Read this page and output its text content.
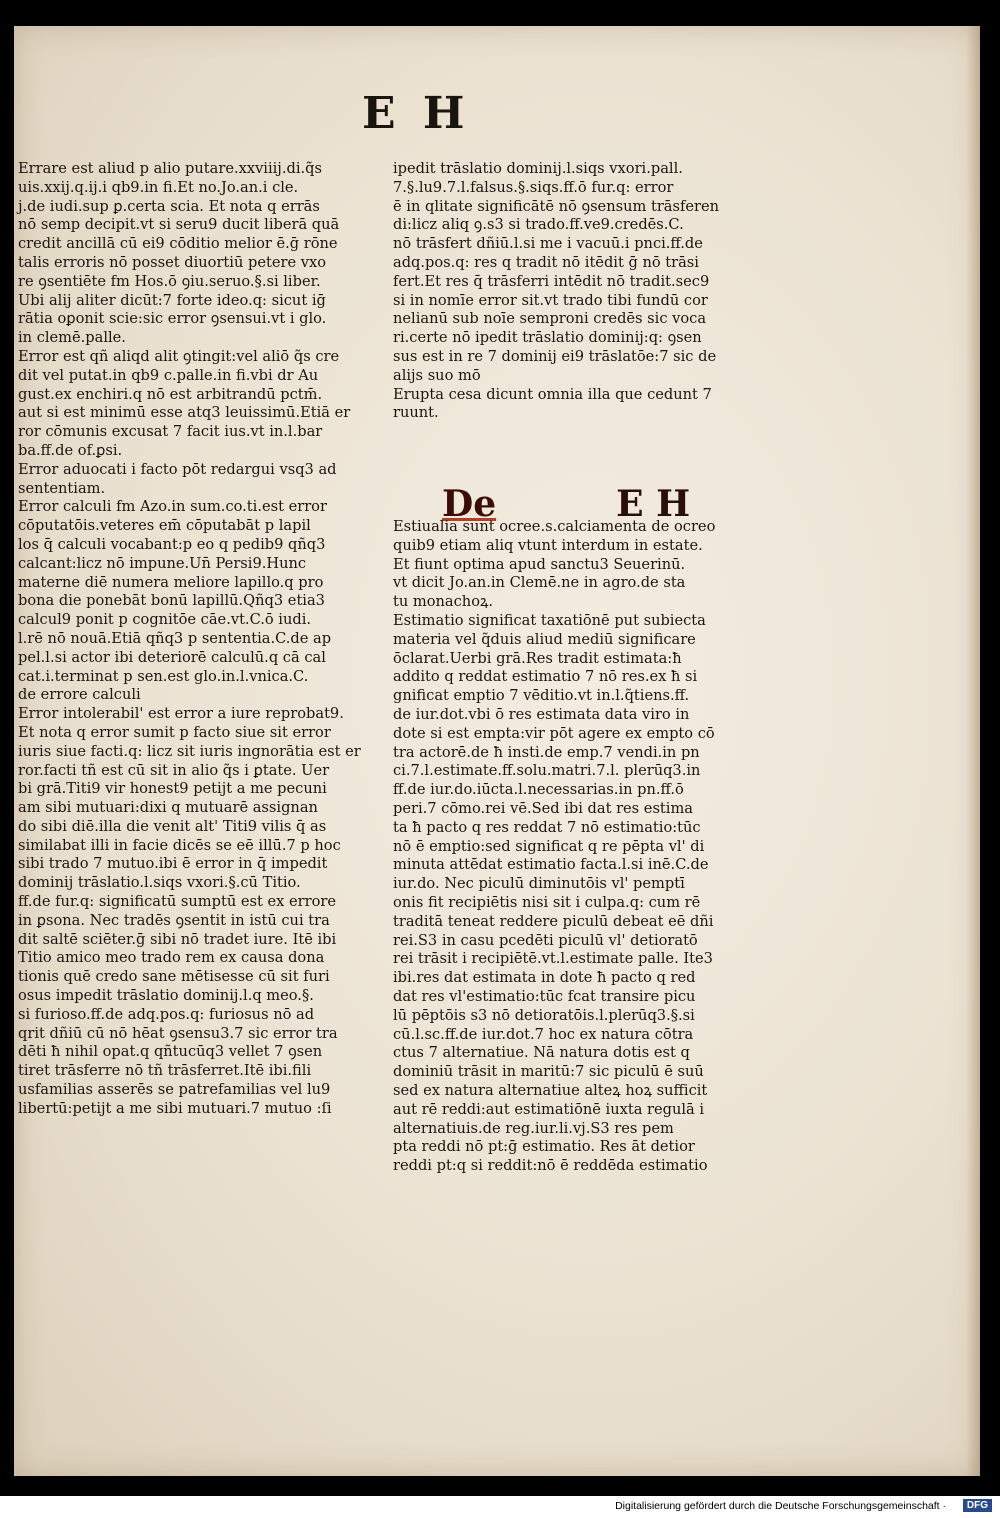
E H
Errare est aliud p alio putare.xxviiij.di.q̃s
uis.xxij.q.ij.i qb9.in fi.Et no.Jo.an.i cle.
j.de iudi.sup ꝑ.certa scia. Et nota q errās
nō semp decipit.vt si seru9 ducit liberā quā
credit ancillā cū ei9 cōditio melior ē.ḡ rōne
talis erroris nō posset diuortiū petere vxo
re ꝯsentiēte fm Hos.ō ꝯiu.seruo.§.si liber.
Ubi alij aliter dicūt:7 forte ideo.q: sicut iḡ
rātia oꝑonit scie:sic error ꝯsensui.vt i glo.
in clemē.palle.
Error est qñ aliqd alit ꝯtingit:vel aliō q̃s cre
dit vel putat.in qb9 c.palle.in fi.vbi dr Au
gust.ex enchiri.q nō est arbitrandū pctm̄.
aut si est minimū esse atq3 leuissimū.Etiā er
ror cōmunis excusat 7 facit ius.vt in.l.bar
ba.ff.de of.ꝑsi.
Error aduocati i facto pōt redargui vsq3 ad
sententiam.
Error calculi fm Azo.in sum.co.ti.est error
cōputatōis.veteres em̄ cōputabāt p lapil
los q̄ calculi vocabant:p eo q pedib9 qñq3
calcant:licz nō impune.Un̄ Persi9.Hunc
materne diē numera meliore lapillo.q pro
bona die ponebāt bonū lapillū.Qñq3 etia3
calcul9 ponit p cognitōe cāe.vt.C.ō iudi.
l.rē nō nouā.Etiā qñq3 p sententia.C.de ap
pel.l.si actor ibi deteriorē calculū.q cā cal
cat.i.terminat p sen.est glo.in.l.vnica.C.
de errore calculi
Error intolerabil' est error a iure reprobat9.
Et nota q error sumit p facto siue sit error
iuris siue facti.q: licz sit iuris ingnorātia est er
ror.facti tñ est cū sit in alio q̃s i ꝑtate. Uer
bi grā.Titi9 vir honest9 petijt a me pecuni
am sibi mutuari:dixi q mutuarē assignan
do sibi diē.illa die venit alt' Titi9 vilis q̄ as
similabat illi in facie dicēs se eē illū.7 p hoc
sibi trado 7 mutuo.ibi ē error in q̄ impedit
dominij trāslatio.l.siqs vxori.§.cū Titio.
ff.de fur.q: significatū sumptū est ex errore
in ꝑsona. Nec tradēs ꝯsentit in istū cui tra
dit saltē sciēter.ḡ sibi nō tradet iure. Itē ibi
Titio amico meo trado rem ex causa dona
tionis quē credo sane mētisesse cū sit furi
osus impedit trāslatio dominij.l.q meo.§.
si furioso.ff.de adq.pos.q: furiosus nō ad
qrit dñiū cū nō hēat ꝯsensu3.7 sic error tra
dēti ħ nihil opat.q qñtucūq3 vellet 7 ꝯsen
tiret trāsferre nō tñ trāsferret.Itē ibi.fili
usfamilias asserēs se patrefamilias vel lu9
libertū:petijt a me sibi mutuari.7 mutuo :ſi
ipedit trāslatio dominij.l.siqs vxori.pall.
7.§.lu9.7.l.falsus.§.siqs.ff.ō fur.q: error
ē in qlitate significātē nō ꝯsensum trāsferen
di:licz aliq ꝯ.s3 si trado.ff.ve9.credēs.C.
nō trāsfert dñiū.l.si me i vacuū.i pnci.ff.de
adq.pos.q: res q tradit nō itēdit ḡ nō trāsi
fert.Et res q̄ trāsferri intēdit nō tradit.sec9
si in nomīe error sit.vt trado tibi fundū cor
nelianū sub noīe semproni credēs sic voca
ri.certe nō ipedit trāslatio dominij:q: ꝯsen
sus est in re 7 dominij ei9 trāslatōe:7 sic de
alijs suo mō
Erupta cesa dicunt omnia illa que cedunt 7
ruunt.
De	E H
Estiualia sunt ocree.s.calciamenta de ocreo
quib9 etiam aliq vtunt interdum in estate.
Et fiunt optima apud sanctu3 Seuerinū.
vt dicit Jo.an.in Clemē.ne in agro.de sta
tu monachoꝝ.
Estimatio significat taxatiōnē put subiecta
materia vel q̃duis aliud mediū significare
ōclarat.Uerbi grā.Res tradit estimata:ħ
addito q reddat estimatio 7 nō res.ex ħ si
gnificat emptio 7 vēditio.vt in.l.q̃tiens.ff.
de iur.dot.vbi ō res estimata data viro in
dote si est empta:vir pōt agere ex empto cō
tra actorē.de ħ insti.de emp.7 vendi.in pn
ci.7.l.estimate.ff.solu.matri.7.l. plerūq3.in
ff.de iur.do.iūcta.l.necessarias.in pn.ff.ō
peri.7 cōmo.rei vē.Sed ibi dat res estima
ta ħ pacto q res reddat 7 nō estimatio:tūc
nō ē emptio:sed significat q re pēpta vl' di
minuta attēdat estimatio facta.l.si inē.C.de
iur.do. Nec piculū diminutōis vl' pemptī
onis fit recipiētis nisi sit i culpa.q: cum rē
traditā teneat reddere piculū debeat eē dñi
rei.S3 in casu pcedēti piculū vl' detioratō
rei trāsit i recipiētē.vt.l.estimate palle. Ite3
ibi.res dat estimata in dote ħ pacto q red
dat res vl'estimatio:tūc fcat transire picu
lū pēptōis s3 nō detioratōis.l.plerūq3.§.si
cū.l.sc.ff.de iur.dot.7 hoc ex natura cōtra
ctus 7 alternatiue. Nā natura dotis est q
dominiū trāsit in maritū:7 sic piculū ē suū
sed ex natura alternatiue alteꝝ hoꝝ sufficit
aut rē reddi:aut estimatiōnē iuxta regulā i
alternatiuis.de reg.iur.li.vj.S3 res pem
pta reddi nō pt:ḡ estimatio. Res āt detior
reddi pt:q si reddit:nō ē reddēda estimatio
Digitalisierung gefördert durch die Deutsche Forschungsgemeinschaft ·	DFG
